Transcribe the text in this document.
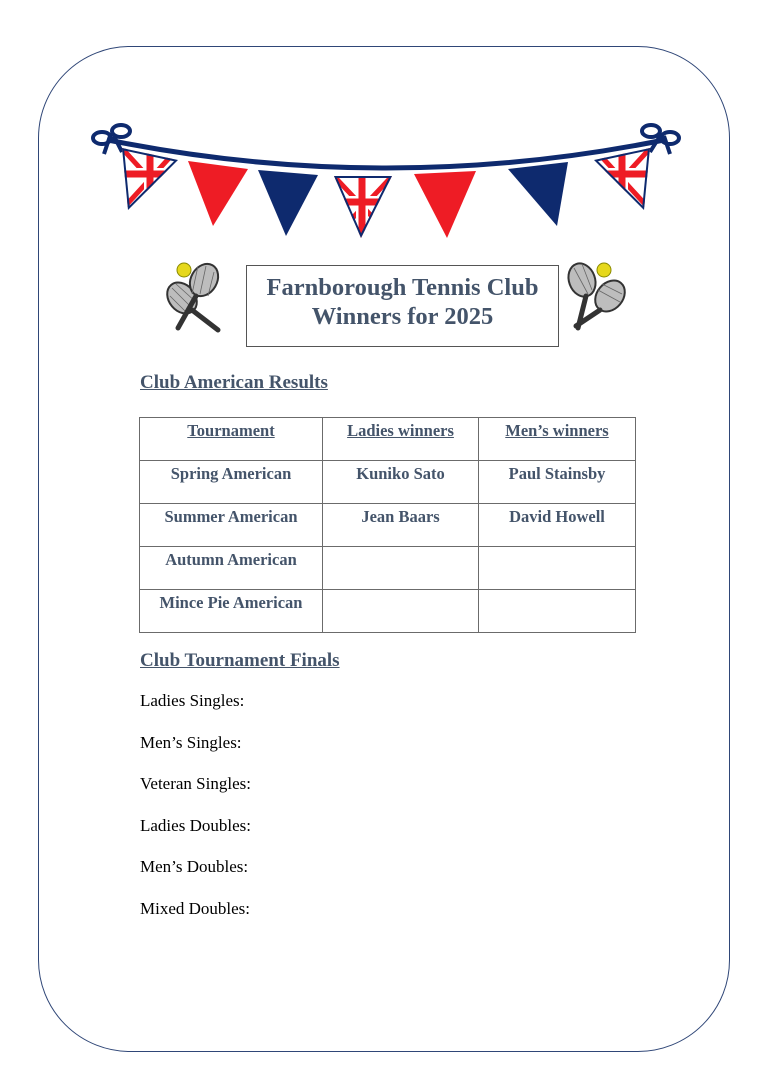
Farnborough Tennis Club
Winners for 2025
Club American Results
Tournament	Ladies winners	Men’s winners

Spring American	Kuniko Sato	Paul Stainsby

Summer American	Jean Baars	David Howell

Autumn American		

Mince Pie American		

Club Tournament Finals
Ladies Singles:
Men’s Singles:
Veteran Singles:
Ladies Doubles:
Men’s Doubles:
Mixed Doubles:
